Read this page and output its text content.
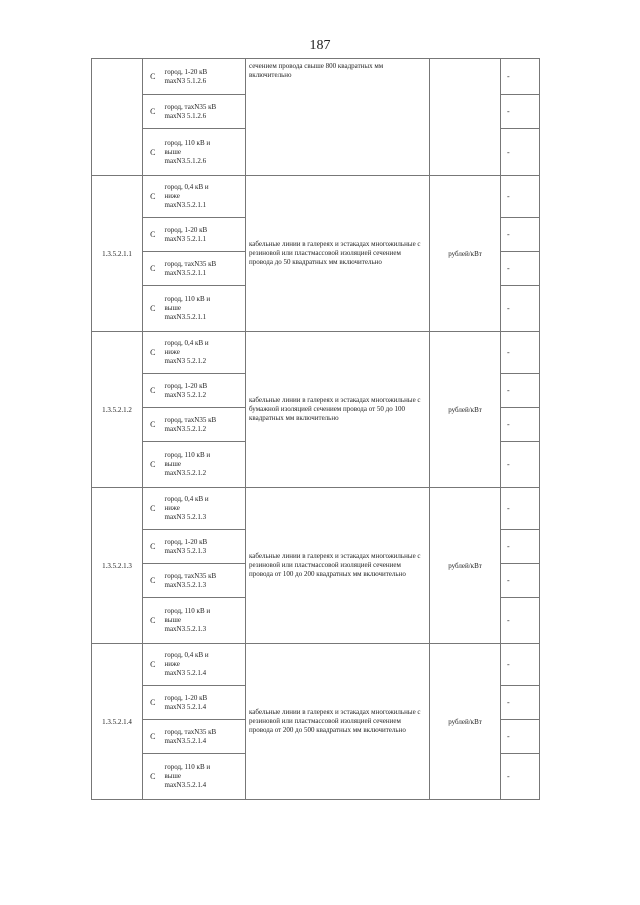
187
	С	город, 1-20 кВ
maxN3 5.1.2.6	сечением провода свыше 800 квадратных мм включительно		-
	С	город, таxN35 кВ
maxN3 5.1.2.6			-
	С	город, 110 кВ и
выше
maxN3.5.1.2.6			-
1.3.5.2.1.1	С	город, 0,4 кВ и
ниже
maxN3.5.2.1.1	кабельные линии в галереях и эстакадах многожильные с резиновой или пластмассовой изоляцией сечением провода до 50 квадратных мм включительно	рублей/кВт	-
	С	город, 1-20 кВ
maxN3 5.2.1.1			-
	С	город, таxN35 кВ
maxN3.5.2.1.1			-
	С	город, 110 кВ и
выше
maxN3.5.2.1.1			-
1.3.5.2.1.2	С	город, 0,4 кВ и
ниже
maxN3 5.2.1.2	кабельные линии в галереях и эстакадах многожильные с бумажной изоляцией сечением провода от 50 до 100 квадратных мм включительно	рублей/кВт	-
	С	город, 1-20 кВ
maxN3 5.2.1.2			-
	С	город, таxN35 кВ
maxN3.5.2.1.2			-
	С	город, 110 кВ и
выше
maxN3.5.2.1.2			-
1.3.5.2.1.3	С	город, 0,4 кВ и
ниже
maxN3 5.2.1.3	кабельные линии в галереях и эстакадах многожильные с резиновой или пластмассовой изоляцией сечением провода от 100 до 200 квадратных мм включительно	рублей/кВт	-
	С	город, 1-20 кВ
maxN3 5.2.1.3			-
	С	город, таxN35 кВ
maxN3.5.2.1.3			-
	С	город, 110 кВ и
выше
maxN3.5.2.1.3			-
1.3.5.2.1.4	С	город, 0,4 кВ и
ниже
maxN3 5.2.1.4	кабельные линии в галереях и эстакадах многожильные с резиновой или пластмассовой изоляцией сечением провода от 200 до 500 квадратных мм включительно	рублей/кВт	-
	С	город, 1-20 кВ
maxN3 5.2.1.4			-
	С	город, таxN35 кВ
maxN3.5.2.1.4			-
	С	город, 110 кВ и
выше
maxN3.5.2.1.4			-
